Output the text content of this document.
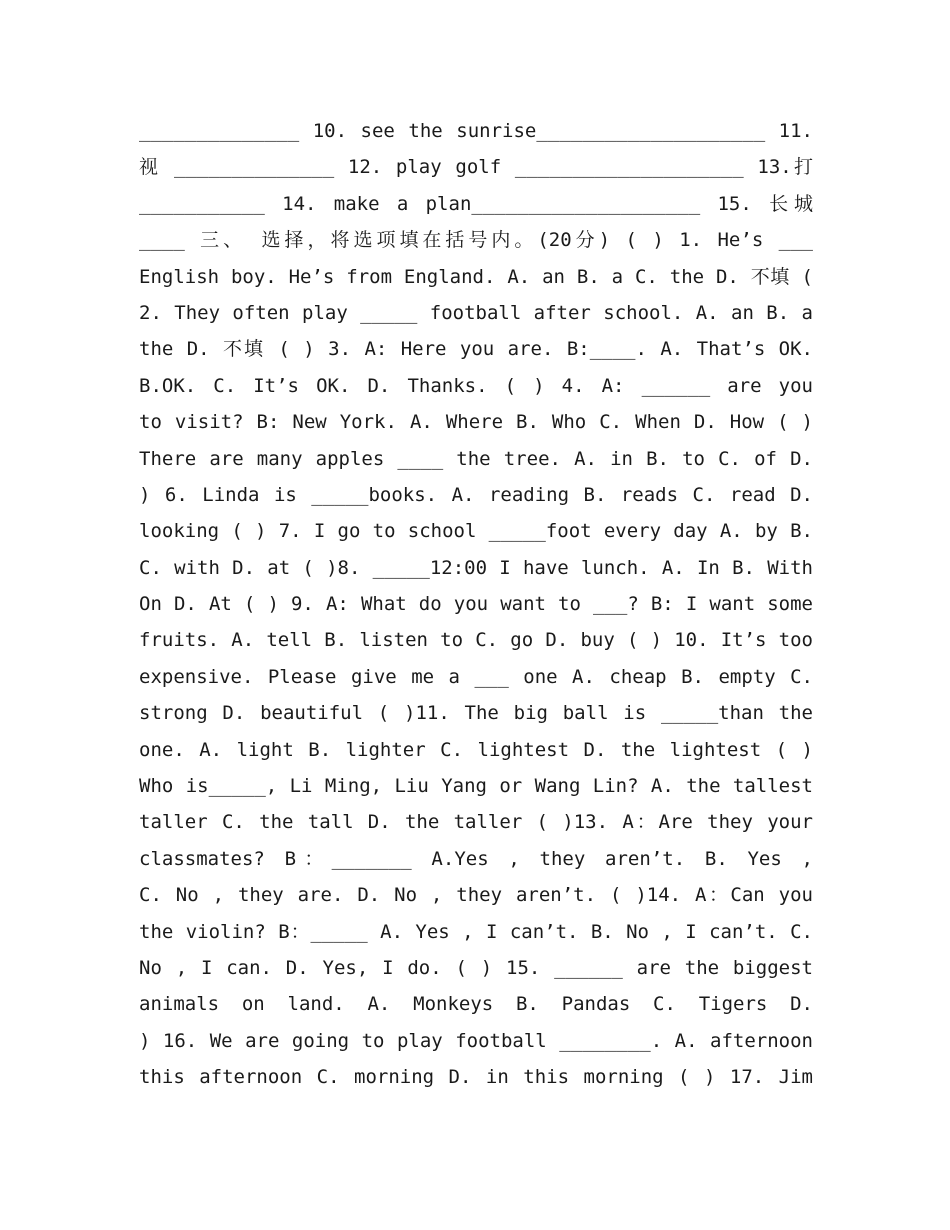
______________ 10. see the sunrise____________________ 11.
视 ______________ 12. play golf ____________________ 13.打
___________ 14. make a plan____________________ 15. 长城
____ 三、 选择，将选项填在括号内。(20分) ( ) 1. He’s ___
English boy. He’s from England. A. an B. a C. the D. 不填 (
2. They often play _____ football after school. A. an B. a
the D. 不填 ( ) 3. A: Here you are. B:____. A. That’s OK.
B.OK. C. It’s OK. D. Thanks. ( ) 4. A: ______ are you
to visit? B: New York. A. Where B. Who C. When D. How ( )
There are many apples ____ the tree. A. in B. to C. of D.
) 6. Linda is _____books. A. reading B. reads C. read D.
looking ( ) 7. I go to school _____foot every day A. by B.
C. with D. at ( )8. _____12:00 I have lunch. A. In B. With
On D. At ( ) 9. A: What do you want to ___? B: I want some
fruits. A. tell B. listen to C. go D. buy ( ) 10. It’s too
expensive. Please give me a ___ one A. cheap B. empty C.
strong D. beautiful ( )11. The big ball is _____than the
one. A. light B. lighter C. lightest D. the lightest ( )
Who is_____, Li Ming, Liu Yang or Wang Lin? A. the tallest
taller C. the tall D. the taller ( )13. A：Are they your
classmates? B：_______ A.Yes , they aren’t. B. Yes ,
C. No , they are. D. No , they aren’t. ( )14. A：Can you
the violin? B：_____ A. Yes , I can’t. B. No , I can’t. C.
No , I can. D. Yes, I do. ( ) 15. ______ are the biggest
animals on land. A. Monkeys B. Pandas C. Tigers D.
) 16. We are going to play football ________. A. afternoon
this afternoon C. morning D. in this morning ( ) 17. Jim
